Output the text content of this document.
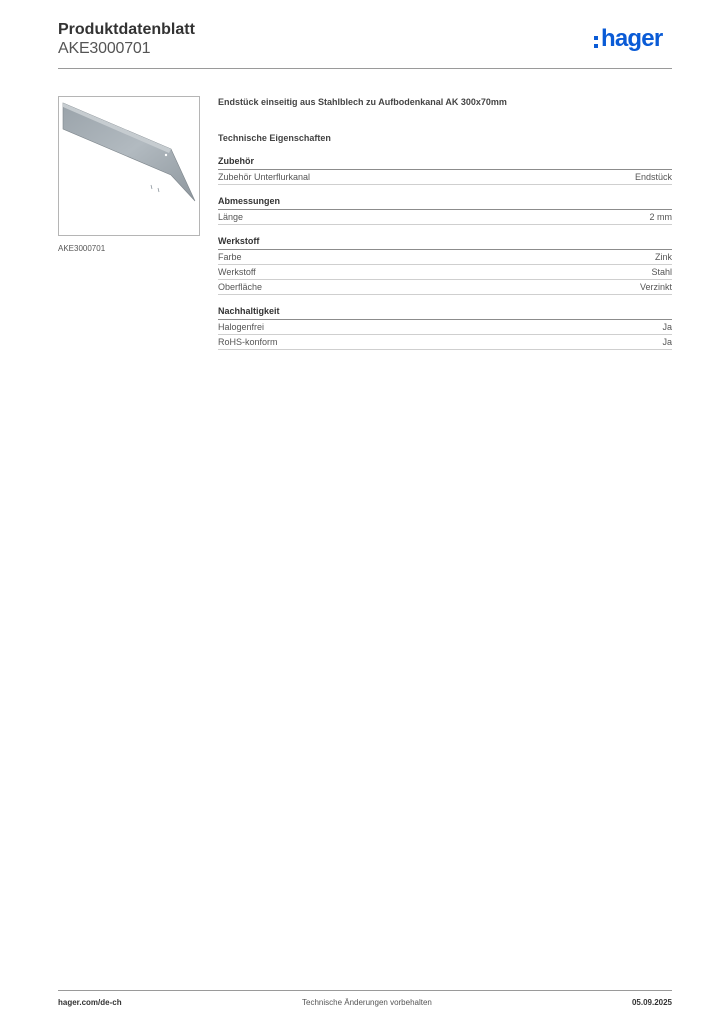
Produktdatenblatt
AKE3000701	hager
AKE3000701
Endstück einseitig aus Stahlblech zu Aufbodenkanal AK 300x70mm
Technische Eigenschaften
Zubehör
Zubehör Unterflurkanal	Endstück
Abmessungen
Länge	2 mm
Werkstoff
Farbe	Zink
Werkstoff	Stahl
Oberfläche	Verzinkt
Nachhaltigkeit
Halogenfrei	Ja
RoHS-konform	Ja
hager.com/de-ch	Technische Änderungen vorbehalten	05.09.2025
